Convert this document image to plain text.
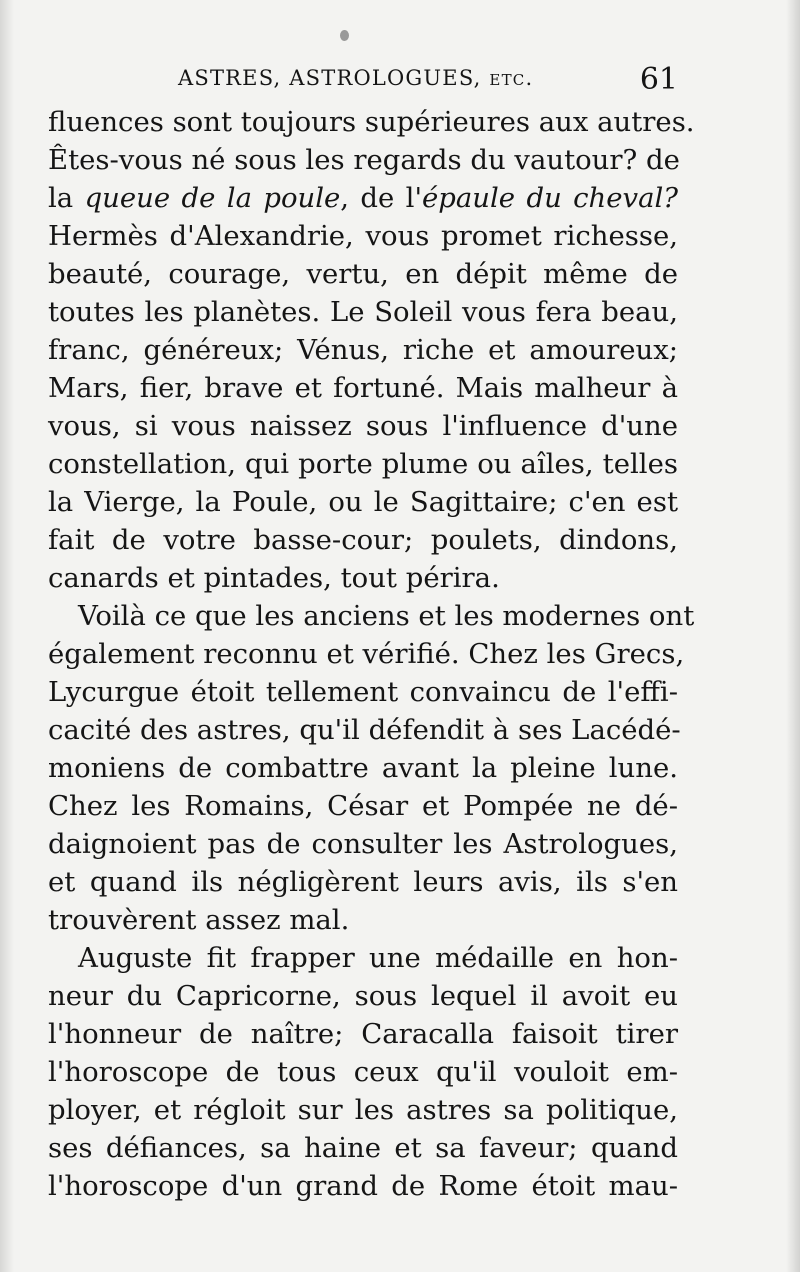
ASTRES, ASTROLOGUES, etc.	61
fluences sont toujours supérieures aux autres.
Êtes-vous né sous les regards du vautour? de
la queue de la poule, de l'épaule du cheval?
Hermès d'Alexandrie, vous promet richesse,
beauté, courage, vertu, en dépit même de
toutes les planètes. Le Soleil vous fera beau,
franc, généreux; Vénus, riche et amoureux;
Mars, fier, brave et fortuné. Mais malheur à
vous, si vous naissez sous l'influence d'une
constellation, qui porte plume ou aîles, telles
la Vierge, la Poule, ou le Sagittaire; c'en est
fait de votre basse-cour; poulets, dindons,
canards et pintades, tout périra.
Voilà ce que les anciens et les modernes ont
également reconnu et vérifié. Chez les Grecs,
Lycurgue étoit tellement convaincu de l'effi-
cacité des astres, qu'il défendit à ses Lacédé-
moniens de combattre avant la pleine lune.
Chez les Romains, César et Pompée ne dé-
daignoient pas de consulter les Astrologues,
et quand ils négligèrent leurs avis, ils s'en
trouvèrent assez mal.
Auguste fit frapper une médaille en hon-
neur du Capricorne, sous lequel il avoit eu
l'honneur de naître; Caracalla faisoit tirer
l'horoscope de tous ceux qu'il vouloit em-
ployer, et régloit sur les astres sa politique,
ses défiances, sa haine et sa faveur; quand
l'horoscope d'un grand de Rome étoit mau-
